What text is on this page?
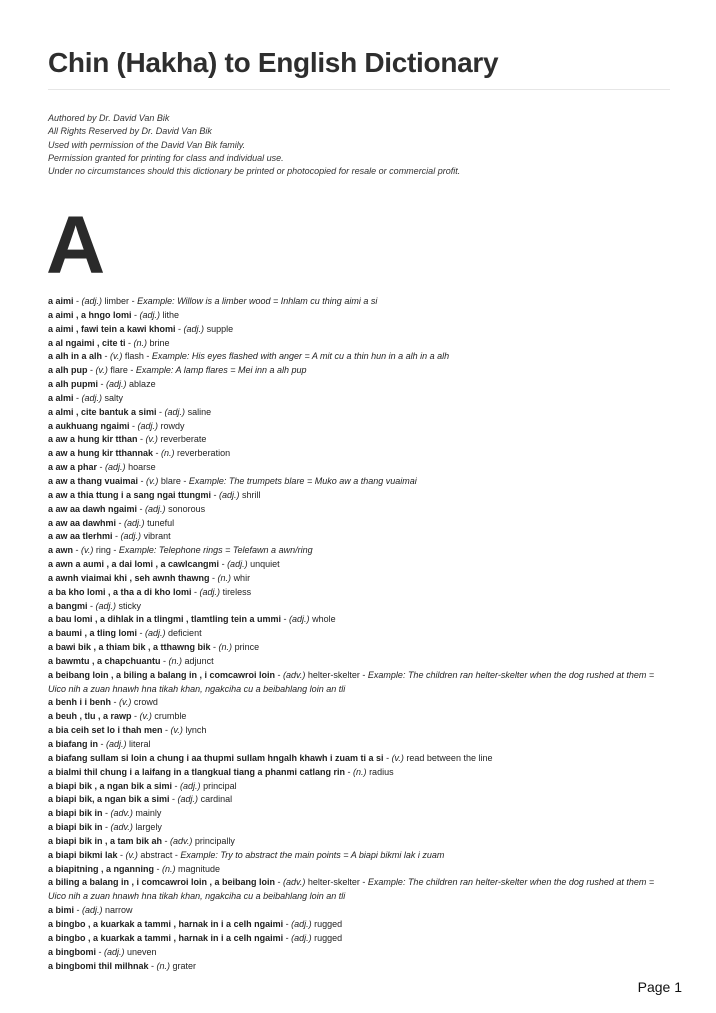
Chin (Hakha) to English Dictionary
Authored by Dr. David Van Bik
All Rights Reserved by Dr. David Van Bik
Used with permission of the David Van Bik family.
Permission granted for printing for class and individual use.
Under no circumstances should this dictionary be printed or photocopied for resale or commercial profit.
A
a aimi - (adj.) limber - Example: Willow is a limber wood = Inhlam cu thing aimi a si
a aimi , a hngo lomi - (adj.) lithe
a aimi , fawi tein a kawi khomi - (adj.) supple
a al ngaimi , cite ti - (n.) brine
a alh in a alh - (v.) flash - Example: His eyes flashed with anger = A mit cu a thin hun in a alh in a alh
a alh pup - (v.) flare - Example: A lamp flares = Mei inn a alh pup
a alh pupmi - (adj.) ablaze
a almi - (adj.) salty
a almi , cite bantuk a simi - (adj.) saline
a aukhuang ngaimi - (adj.) rowdy
a aw a hung kir tthan - (v.) reverberate
a aw a hung kir tthannak - (n.) reverberation
a aw a phar - (adj.) hoarse
a aw a thang vuaimai - (v.) blare - Example: The trumpets blare = Muko aw a thang vuaimai
a aw a thia ttung i a sang ngai ttungmi - (adj.) shrill
a aw aa dawh ngaimi - (adj.) sonorous
a aw aa dawhmi - (adj.) tuneful
a aw aa tlerhmi - (adj.) vibrant
a awn - (v.) ring - Example: Telephone rings = Telefawn a awn/ring
a awn a aumi , a dai lomi , a cawlcangmi - (adj.) unquiet
a awnh viaimai khi , seh awnh thawng - (n.) whir
a ba kho lomi , a tha a di kho lomi - (adj.) tireless
a bangmi - (adj.) sticky
a bau lomi , a dihlak in a tlingmi , tlamtling tein a ummi - (adj.) whole
a baumi , a tling lomi - (adj.) deficient
a bawi bik , a thiam bik , a tthawng bik - (n.) prince
a bawmtu , a chapchuantu - (n.) adjunct
a beibang loin , a biling a balang in , i comcawroi loin - (adv.) helter-skelter - Example: The children ran helter-skelter when the dog rushed at them = Uico nih a zuan hnawh hna tikah khan, ngakciha cu a beibahlang loin an tli
a benh i i benh - (v.) crowd
a beuh , tlu , a rawp - (v.) crumble
a bia ceih set lo i thah men - (v.) lynch
a biafang in - (adj.) literal
a biafang sullam si loin a chung i aa thupmi sullam hngalh khawh i zuam ti a si - (v.) read between the line
a bialmi thil chung i a laifang in a tlangkual tiang a phanmi catlang rin - (n.) radius
a biapi bik , a ngan bik a simi - (adj.) principal
a biapi bik, a ngan bik a simi - (adj.) cardinal
a biapi bik in - (adv.) mainly
a biapi bik in - (adv.) largely
a biapi bik in , a tam bik ah - (adv.) principally
a biapi bikmi lak - (v.) abstract - Example: Try to abstract the main points = A biapi bikmi lak i zuam
a biapitning , a nganning - (n.) magnitude
a biling a balang in , i comcawroi loin , a beibang loin - (adv.) helter-skelter - Example: The children ran helter-skelter when the dog rushed at them = Uico nih a zuan hnawh hna tikah khan, ngakciha cu a beibahlang loin an tli
a bimi - (adj.) narrow
a bingbo , a kuarkak a tammi , harnak in i a celh ngaimi - (adj.) rugged
a bingbo , a kuarkak a tammi , harnak in i a celh ngaimi - (adj.) rugged
a bingbomi - (adj.) uneven
a bingbomi thil milhnak - (n.) grater
Page 1
